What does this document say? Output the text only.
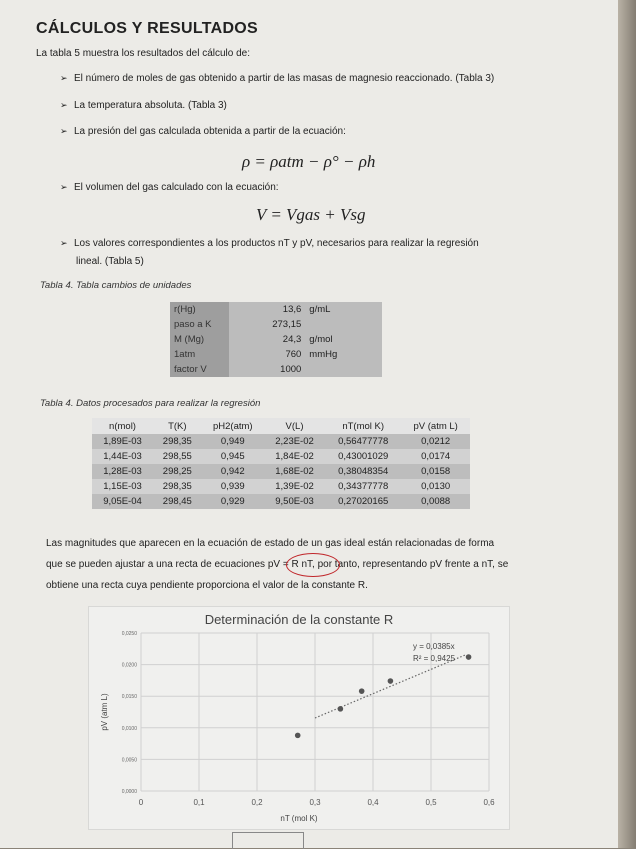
CÁLCULOS Y RESULTADOS
La tabla 5 muestra los resultados del cálculo de:
➢ El número de moles de gas obtenido a partir de las masas de magnesio reaccionado. (Tabla 3)
➢ La temperatura absoluta. (Tabla 3)
➢ La presión del gas calculada obtenida a partir de la ecuación:
ρ = ρatm − ρ° − ρh
➢ El volumen del gas calculado con la ecuación:
V = Vgas + Vsg
➢ Los valores correspondientes a los productos nT y pV, necesarios para realizar la regresión
lineal. (Tabla 5)
Tabla 4. Tabla cambios de unidades
r(Hg)	13,6	g/mL
paso a K	273,15	
M (Mg)	24,3	g/mol
1atm	760	mmHg
factor V	1000	
Tabla 4. Datos procesados para realizar la regresión
n(mol)	T(K)	pH2(atm)	V(L)	nT(mol K)	pV (atm L)
1,89E-03	298,35	0,949	2,23E-02	0,56477778	0,0212
1,44E-03	298,55	0,945	1,84E-02	0,43001029	0,0174
1,28E-03	298,25	0,942	1,68E-02	0,38048354	0,0158
1,15E-03	298,35	0,939	1,39E-02	0,34377778	0,0130
9,05E-04	298,45	0,929	9,50E-03	0,27020165	0,0088
Las magnitudes que aparecen en la ecuación de estado de un gas ideal están relacionadas de forma
que se pueden ajustar a una recta de ecuaciones pV = R nT, por tanto, representando pV frente a nT, se
obtiene una recta cuya pendiente proporciona el valor de la constante R.
Determinación de la constante R
0	0,1	0,2	0,3	0,4	0,5	0,6
0,0000
0,0050
0,0100
0,0150
0,0200
0,0250
nT (mol K)
pV (atm L)
y = 0,0385x
R² = 0,9425
